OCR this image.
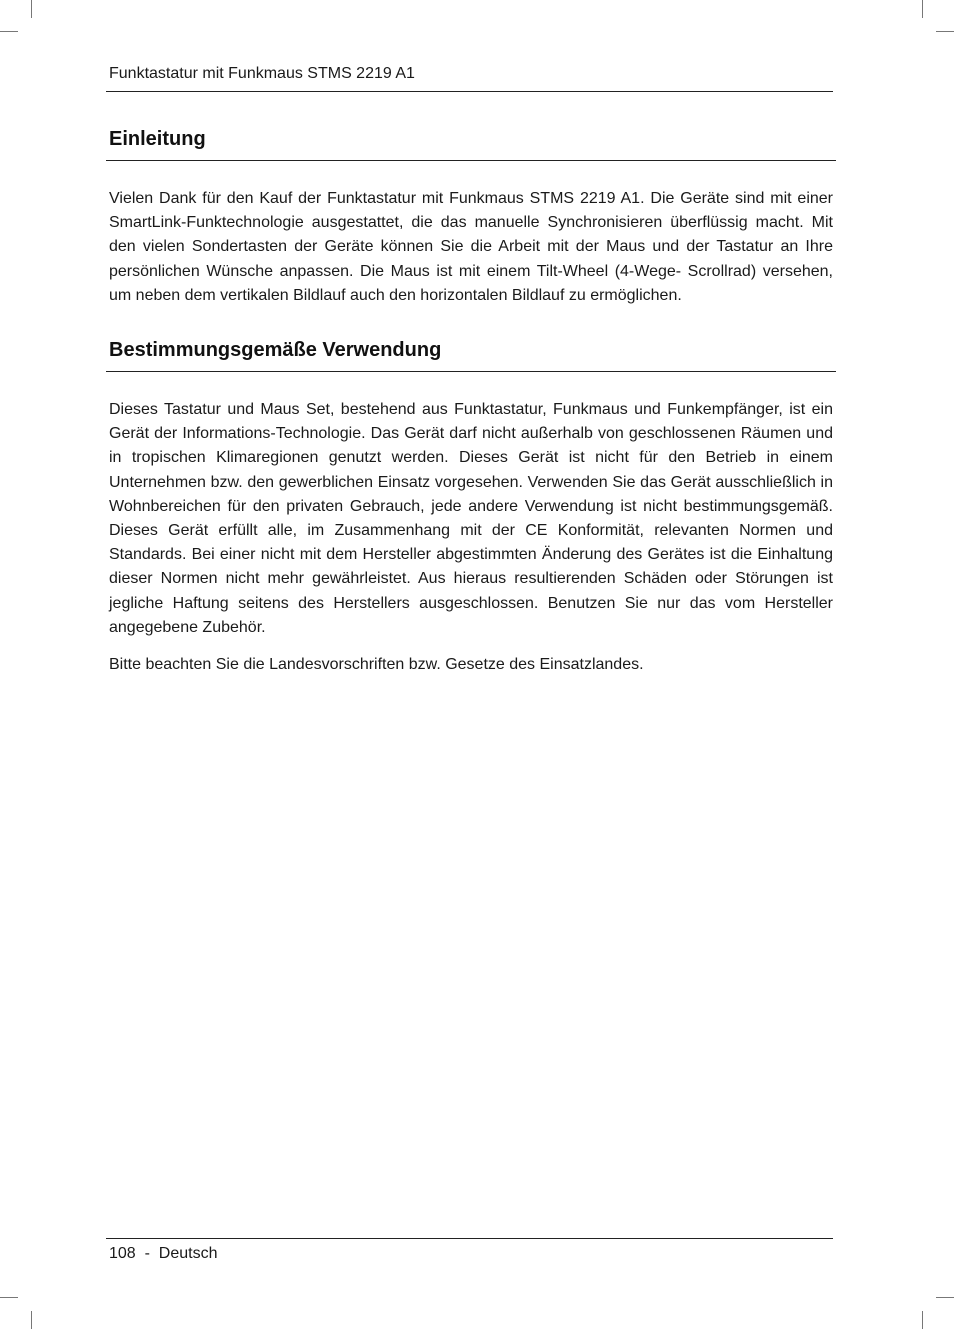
Funktastatur mit Funkmaus STMS 2219 A1
Einleitung

Vielen Dank für den Kauf der Funktastatur mit Funkmaus STMS 2219 A1. Die Geräte sind mit einer SmartLink-Funktechnologie ausgestattet, die das manuelle Synchronisieren überflüssig macht. Mit den vielen Sondertasten der Geräte können Sie die Arbeit mit der Maus und der Tastatur an Ihre persönlichen Wünsche anpassen. Die Maus ist mit einem Tilt-Wheel (4-Wege- Scrollrad) versehen, um neben dem vertikalen Bildlauf auch den horizontalen Bildlauf zu ermöglichen.

Bestimmungsgemäße Verwendung

Dieses Tastatur und Maus Set, bestehend aus Funktastatur, Funkmaus und Funkempfänger, ist ein Gerät der Informations-Technologie. Das Gerät darf nicht außerhalb von geschlossenen Räumen und in tropischen Klimaregionen genutzt werden. Dieses Gerät ist nicht für den Betrieb in einem Unternehmen bzw. den gewerblichen Einsatz vorgesehen. Verwenden Sie das Gerät ausschließlich in Wohnbereichen für den privaten Gebrauch, jede andere Verwendung ist nicht bestimmungsgemäß. Dieses Gerät erfüllt alle, im Zusammenhang mit der CE Konformität, relevanten Normen und Standards. Bei einer nicht mit dem Hersteller abgestimmten Änderung des Gerätes ist die Einhaltung dieser Normen nicht mehr gewährleistet. Aus hieraus resultierenden Schäden oder Störungen ist jegliche Haftung seitens des Herstellers ausgeschlossen. Benutzen Sie nur das vom Hersteller angegebene Zubehör.

Bitte beachten Sie die Landesvorschriften bzw. Gesetze des Einsatzlandes.

108  -  Deutsch
